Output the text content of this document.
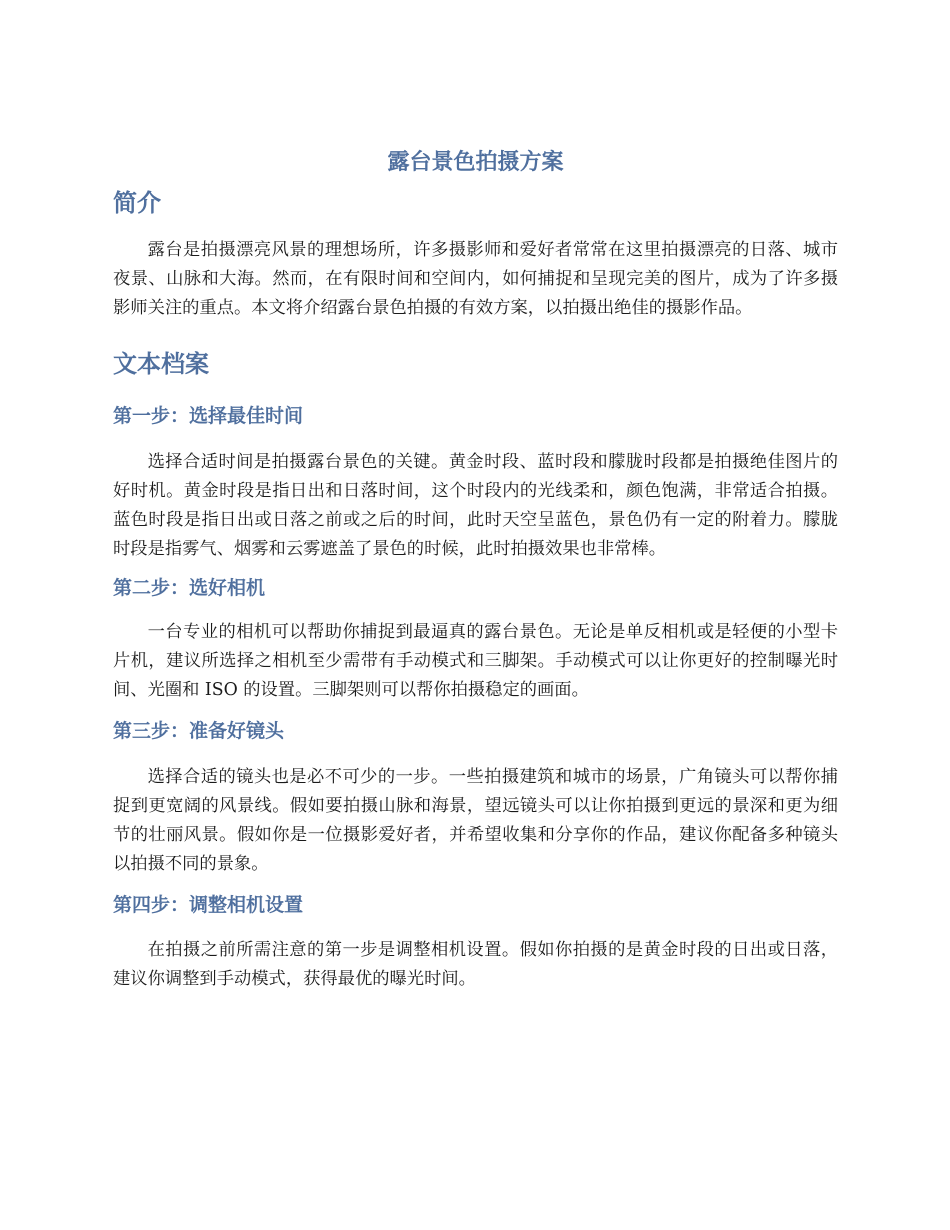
露台景色拍摄方案
简介

露台是拍摄漂亮风景的理想场所，许多摄影师和爱好者常常在这里拍摄漂亮的日落、城市夜景、山脉和大海。然而，在有限时间和空间内，如何捕捉和呈现完美的图片，成为了许多摄影师关注的重点。本文将介绍露台景色拍摄的有效方案，以拍摄出绝佳的摄影作品。

文本档案
第一步：选择最佳时间

选择合适时间是拍摄露台景色的关键。黄金时段、蓝时段和朦胧时段都是拍摄绝佳图片的好时机。黄金时段是指日出和日落时间，这个时段内的光线柔和，颜色饱满，非常适合拍摄。蓝色时段是指日出或日落之前或之后的时间，此时天空呈蓝色，景色仍有一定的附着力。朦胧时段是指雾气、烟雾和云雾遮盖了景色的时候，此时拍摄效果也非常棒。

第二步：选好相机

一台专业的相机可以帮助你捕捉到最逼真的露台景色。无论是单反相机或是轻便的小型卡片机，建议所选择之相机至少需带有手动模式和三脚架。手动模式可以让你更好的控制曝光时间、光圈和 ISO 的设置。三脚架则可以帮你拍摄稳定的画面。

第三步：准备好镜头

选择合适的镜头也是必不可少的一步。一些拍摄建筑和城市的场景，广角镜头可以帮你捕捉到更宽阔的风景线。假如要拍摄山脉和海景，望远镜头可以让你拍摄到更远的景深和更为细节的壮丽风景。假如你是一位摄影爱好者，并希望收集和分享你的作品，建议你配备多种镜头以拍摄不同的景象。

第四步：调整相机设置

在拍摄之前所需注意的第一步是调整相机设置。假如你拍摄的是黄金时段的日出或日落，建议你调整到手动模式，获得最优的曝光时间。
